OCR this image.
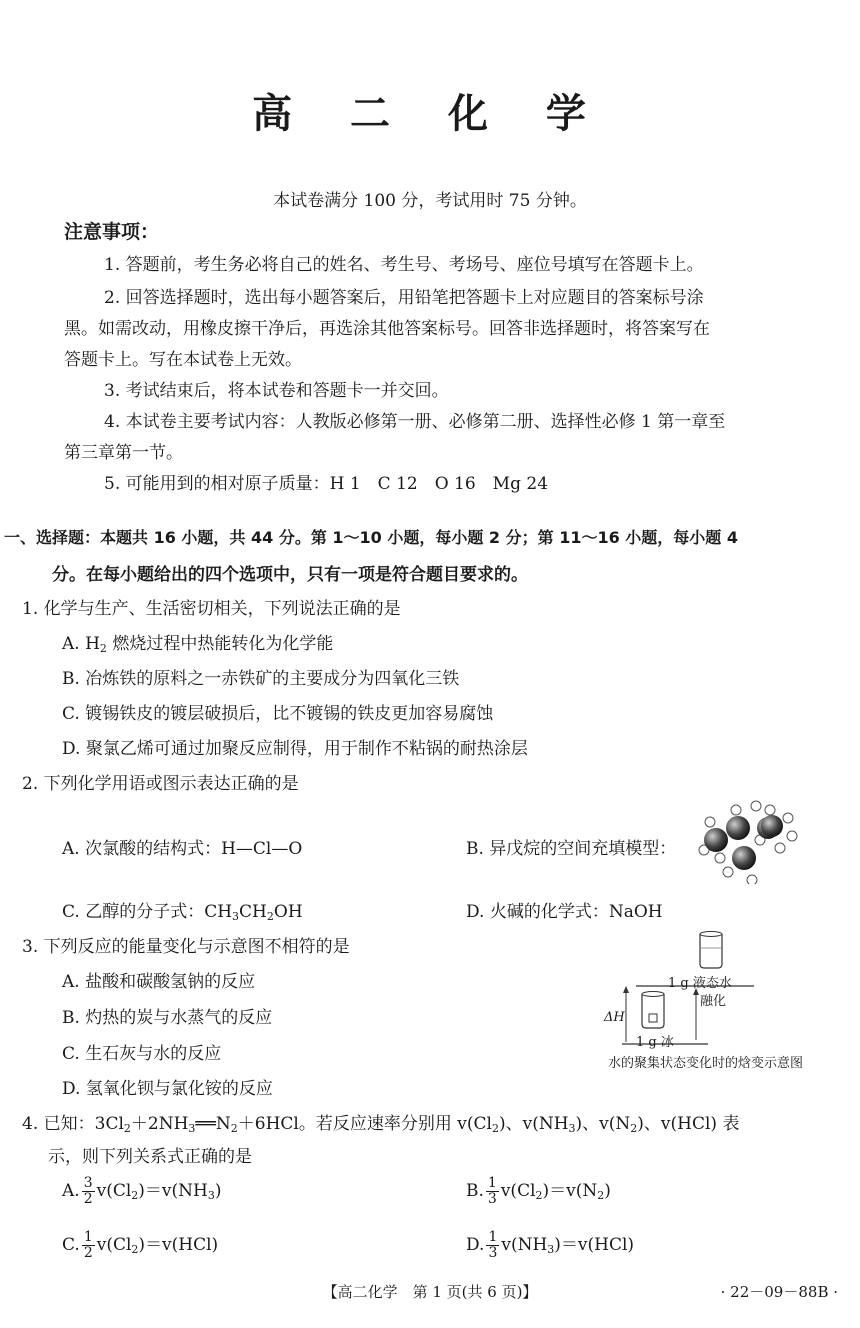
高 二 化 学
本试卷满分 100 分，考试用时 75 分钟。
注意事项：
1. 答题前，考生务必将自己的姓名、考生号、考场号、座位号填写在答题卡上。
2. 回答选择题时，选出每小题答案后，用铅笔把答题卡上对应题目的答案标号涂
黑。如需改动，用橡皮擦干净后，再选涂其他答案标号。回答非选择题时，将答案写在
答题卡上。写在本试卷上无效。
3. 考试结束后，将本试卷和答题卡一并交回。
4. 本试卷主要考试内容：人教版必修第一册、必修第二册、选择性必修 1 第一章至
第三章第一节。
5. 可能用到的相对原子质量：H 1　C 12　O 16　Mg 24
一、选择题：本题共 16 小题，共 44 分。第 1～10 小题，每小题 2 分；第 11～16 小题，每小题 4
分。在每小题给出的四个选项中，只有一项是符合题目要求的。
1. 化学与生产、生活密切相关，下列说法正确的是
A. $H_2$ 燃烧过程中热能转化为化学能
B. 冶炼铁的原料之一赤铁矿的主要成分为四氧化三铁
C. 镀锡铁皮的镀层破损后，比不镀锡的铁皮更加容易腐蚀
D. 聚氯乙烯可通过加聚反应制得，用于制作不粘锅的耐热涂层
2. 下列化学用语或图示表达正确的是
A. 次氯酸的结构式：H—Cl—O	B. 异戊烷的空间充填模型：
C. 乙醇的分子式：$CH_3CH_2OH$	D. 火碱的化学式：NaOH
3. 下列反应的能量变化与示意图不相符的是
A. 盐酸和碳酸氢钠的反应
B. 灼热的炭与水蒸气的反应
C. 生石灰与水的反应
D. 氢氧化钡与氯化铵的反应
1 g 液态水
融化
ΔH
1 g 冰
水的聚集状态变化时的焓变示意图
4. 已知：$3Cl_2+2NH_3══N_2+6HCl$。若反应速率分别用 $v(Cl_2)$、$v(NH_3)$、$v(N_2)$、v(HCl) 表
示，则下列关系式正确的是
A. $\frac{3}{2} v(Cl_2)=v(NH_3)$	B. $\frac{1}{3} v(Cl_2)=v(N_2)$
C. $\frac{1}{2} v(Cl_2)=v(HCl)$	D. $\frac{1}{3} v(NH_3)=v(HCl)$
【高二化学　第 1 页(共 6 页)】	· 22－09－88B ·
